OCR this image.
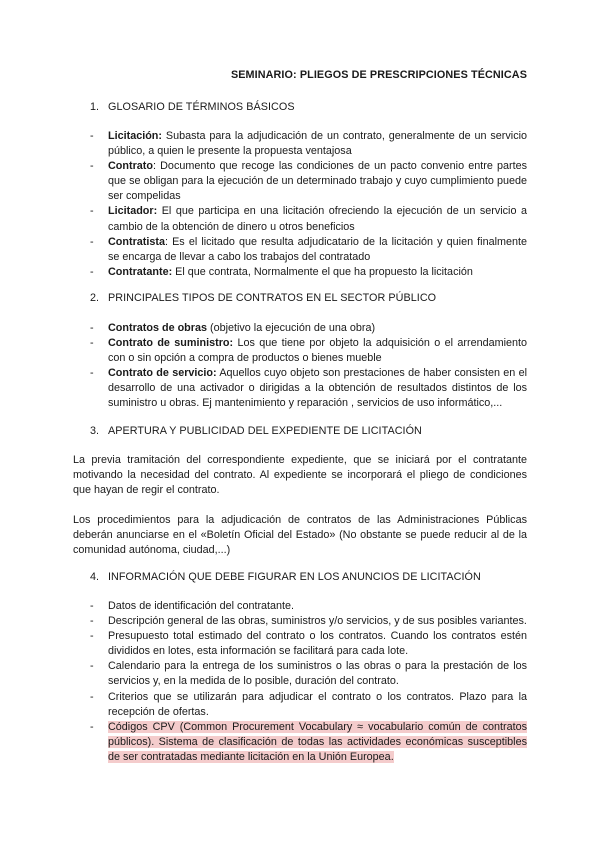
SEMINARIO: PLIEGOS DE PRESCRIPCIONES TÉCNICAS
1. GLOSARIO DE TÉRMINOS BÁSICOS
- Licitación: Subasta para la adjudicación de un contrato, generalmente de un servicio público, a quien le presente la propuesta ventajosa
- Contrato: Documento que recoge las condiciones de un pacto convenio entre partes que se obligan para la ejecución de un determinado trabajo y cuyo cumplimiento puede ser compelidas
- Licitador: El que participa en una licitación ofreciendo la ejecución de un servicio a cambio de la obtención de dinero u otros beneficios
- Contratista: Es el licitado que resulta adjudicatario de la licitación y quien finalmente se encarga de llevar a cabo los trabajos del contratado
- Contratante: El que contrata, Normalmente el que ha propuesto la licitación
2. PRINCIPALES TIPOS DE CONTRATOS EN EL SECTOR PÚBLICO
- Contratos de obras (objetivo la ejecución de una obra)
- Contrato de suministro: Los que tiene por objeto la adquisición o el arrendamiento con o sin opción a compra de productos o bienes mueble
- Contrato de servicio: Aquellos cuyo objeto son prestaciones de haber consisten en el desarrollo de una activador o dirigidas a la obtención de resultados distintos de los suministro u obras. Ej mantenimiento y reparación , servicios de uso informático,...
3. APERTURA Y PUBLICIDAD DEL EXPEDIENTE DE LICITACIÓN

La previa tramitación del correspondiente expediente, que se iniciará por el contratante motivando la necesidad del contrato. Al expediente se incorporará el pliego de condiciones que hayan de regir el contrato.

Los procedimientos para la adjudicación de contratos de las Administraciones Públicas deberán anunciarse en el «Boletín Oficial del Estado» (No obstante se puede reducir al de la comunidad autónoma, ciudad,...)

4. INFORMACIÓN QUE DEBE FIGURAR EN LOS ANUNCIOS DE LICITACIÓN
- Datos de identificación del contratante.
- Descripción general de las obras, suministros y/o servicios, y de sus posibles variantes.
- Presupuesto total estimado del contrato o los contratos. Cuando los contratos estén divididos en lotes, esta información se facilitará para cada lote.
- Calendario para la entrega de los suministros o las obras o para la prestación de los servicios y, en la medida de lo posible, duración del contrato.
- Criterios que se utilizarán para adjudicar el contrato o los contratos. Plazo para la recepción de ofertas.
- Códigos CPV (Common Procurement Vocabulary ≈ vocabulario común de contratos públicos). Sistema de clasificación de todas las actividades económicas susceptibles de ser contratadas mediante licitación en la Unión Europea.
